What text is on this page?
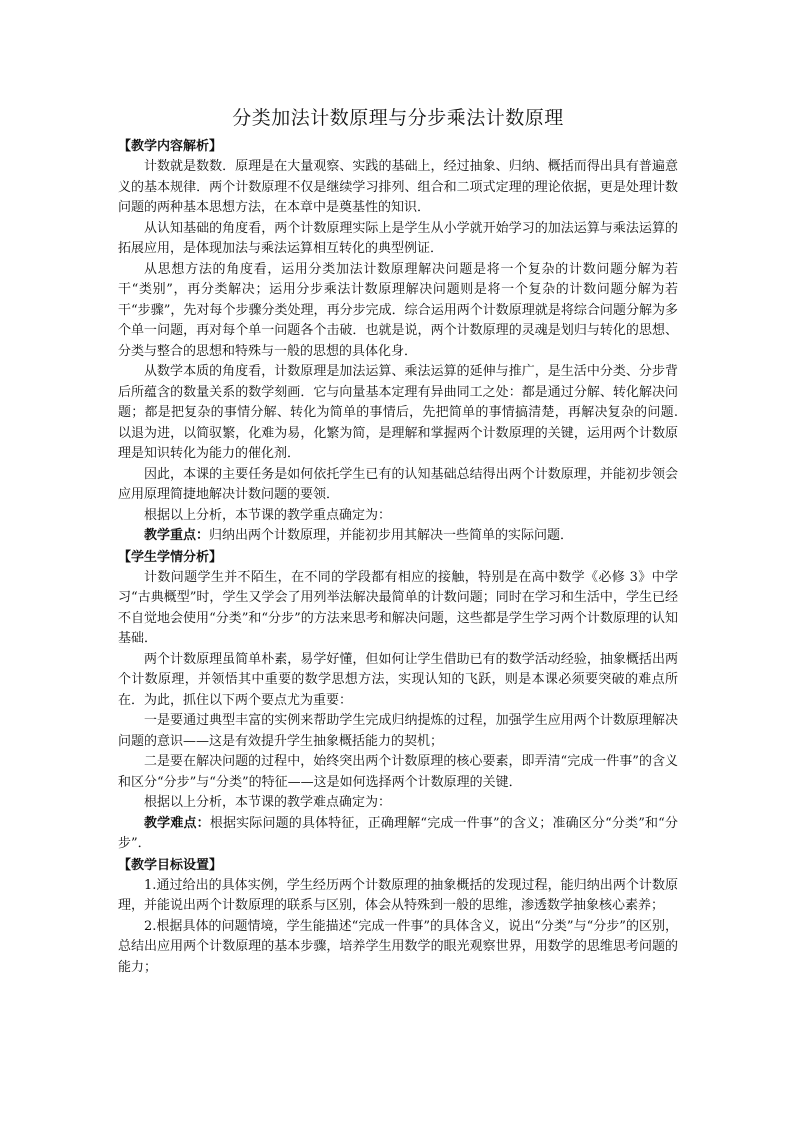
分类加法计数原理与分步乘法计数原理

【教学内容解析】

计数就是数数．原理是在大量观察、实践的基础上，经过抽象、归纳、概括而得出具有普遍意义的基本规律．两个计数原理不仅是继续学习排列、组合和二项式定理的理论依据，更是处理计数问题的两种基本思想方法，在本章中是奠基性的知识．

从认知基础的角度看，两个计数原理实际上是学生从小学就开始学习的加法运算与乘法运算的拓展应用，是体现加法与乘法运算相互转化的典型例证．

从思想方法的角度看，运用分类加法计数原理解决问题是将一个复杂的计数问题分解为若干“类别”，再分类解决；运用分步乘法计数原理解决问题则是将一个复杂的计数问题分解为若干“步骤”，先对每个步骤分类处理，再分步完成．综合运用两个计数原理就是将综合问题分解为多个单一问题，再对每个单一问题各个击破．也就是说，两个计数原理的灵魂是划归与转化的思想、分类与整合的思想和特殊与一般的思想的具体化身．

从数学本质的角度看，计数原理是加法运算、乘法运算的延伸与推广，是生活中分类、分步背后所蕴含的数量关系的数学刻画．它与向量基本定理有异曲同工之处：都是通过分解、转化解决问题；都是把复杂的事情分解、转化为简单的事情后，先把简单的事情搞清楚，再解决复杂的问题.以退为进，以简驭繁，化难为易，化繁为简，是理解和掌握两个计数原理的关键，运用两个计数原理是知识转化为能力的催化剂．

因此，本课的主要任务是如何依托学生已有的认知基础总结得出两个计数原理，并能初步领会应用原理简捷地解决计数问题的要领．

根据以上分析，本节课的教学重点确定为：

教学重点：归纳出两个计数原理，并能初步用其解决一些简单的实际问题．

【学生学情分析】

计数问题学生并不陌生，在不同的学段都有相应的接触，特别是在高中数学《必修 3》中学习“古典概型”时，学生又学会了用列举法解决最简单的计数问题；同时在学习和生活中，学生已经不自觉地会使用“分类”和“分步”的方法来思考和解决问题，这些都是学生学习两个计数原理的认知基础．

两个计数原理虽简单朴素，易学好懂，但如何让学生借助已有的数学活动经验，抽象概括出两个计数原理，并领悟其中重要的数学思想方法，实现认知的飞跃，则是本课必须要突破的难点所在．为此，抓住以下两个要点尤为重要：

一是要通过典型丰富的实例来帮助学生完成归纳提炼的过程，加强学生应用两个计数原理解决问题的意识——这是有效提升学生抽象概括能力的契机；

二是要在解决问题的过程中，始终突出两个计数原理的核心要素，即弄清“完成一件事”的含义和区分“分步”与“分类”的特征——这是如何选择两个计数原理的关键．

根据以上分析，本节课的教学难点确定为：

教学难点：根据实际问题的具体特征，正确理解“完成一件事”的含义；准确区分“分类”和“分步”．

【教学目标设置】

1.通过给出的具体实例，学生经历两个计数原理的抽象概括的发现过程，能归纳出两个计数原理，并能说出两个计数原理的联系与区别，体会从特殊到一般的思维，渗透数学抽象核心素养；

2.根据具体的问题情境，学生能描述“完成一件事”的具体含义，说出“分类”与“分步”的区别，总结出应用两个计数原理的基本步骤，培养学生用数学的眼光观察世界，用数学的思维思考问题的能力；
